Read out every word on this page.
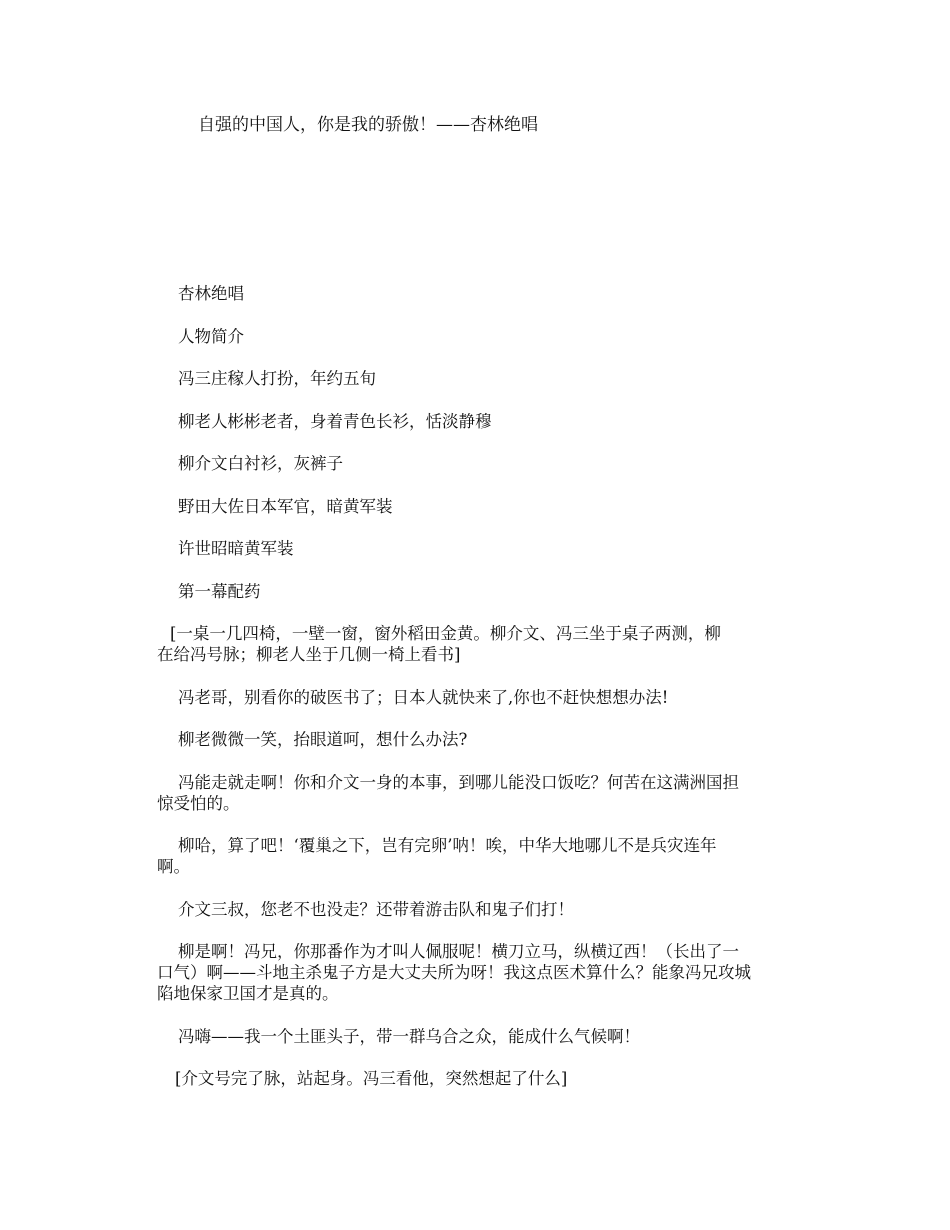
自强的中国人，你是我的骄傲！——杏林绝唱
杏林绝唱
人物简介
冯三庄稼人打扮，年约五旬
柳老人彬彬老者，身着青色长衫，恬淡静穆
柳介文白衬衫，灰裤子
野田大佐日本军官，暗黄军装
许世昭暗黄军装
第一幕配药
[一桌一几四椅，一壁一窗，窗外稻田金黄。柳介文、冯三坐于桌子两测，柳
在给冯号脉；柳老人坐于几侧一椅上看书]
冯老哥，别看你的破医书了；日本人就快来了,你也不赶快想想办法!
柳老微微一笑，抬眼道呵，想什么办法?
冯能走就走啊！你和介文一身的本事，到哪儿能没口饭吃？何苦在这满洲国担
惊受怕的。
柳哈，算了吧！‘覆巢之下，岂有完卵’呐！唉，中华大地哪儿不是兵灾连年
啊。
介文三叔，您老不也没走？还带着游击队和鬼子们打！
柳是啊！冯兄，你那番作为才叫人佩服呢！横刀立马，纵横辽西！（长出了一
口气）啊——斗地主杀鬼子方是大丈夫所为呀！我这点医术算什么？能象冯兄攻城
陷地保家卫国才是真的。
冯嗨——我一个土匪头子，带一群乌合之众，能成什么气候啊！
[介文号完了脉，站起身。冯三看他，突然想起了什么]
